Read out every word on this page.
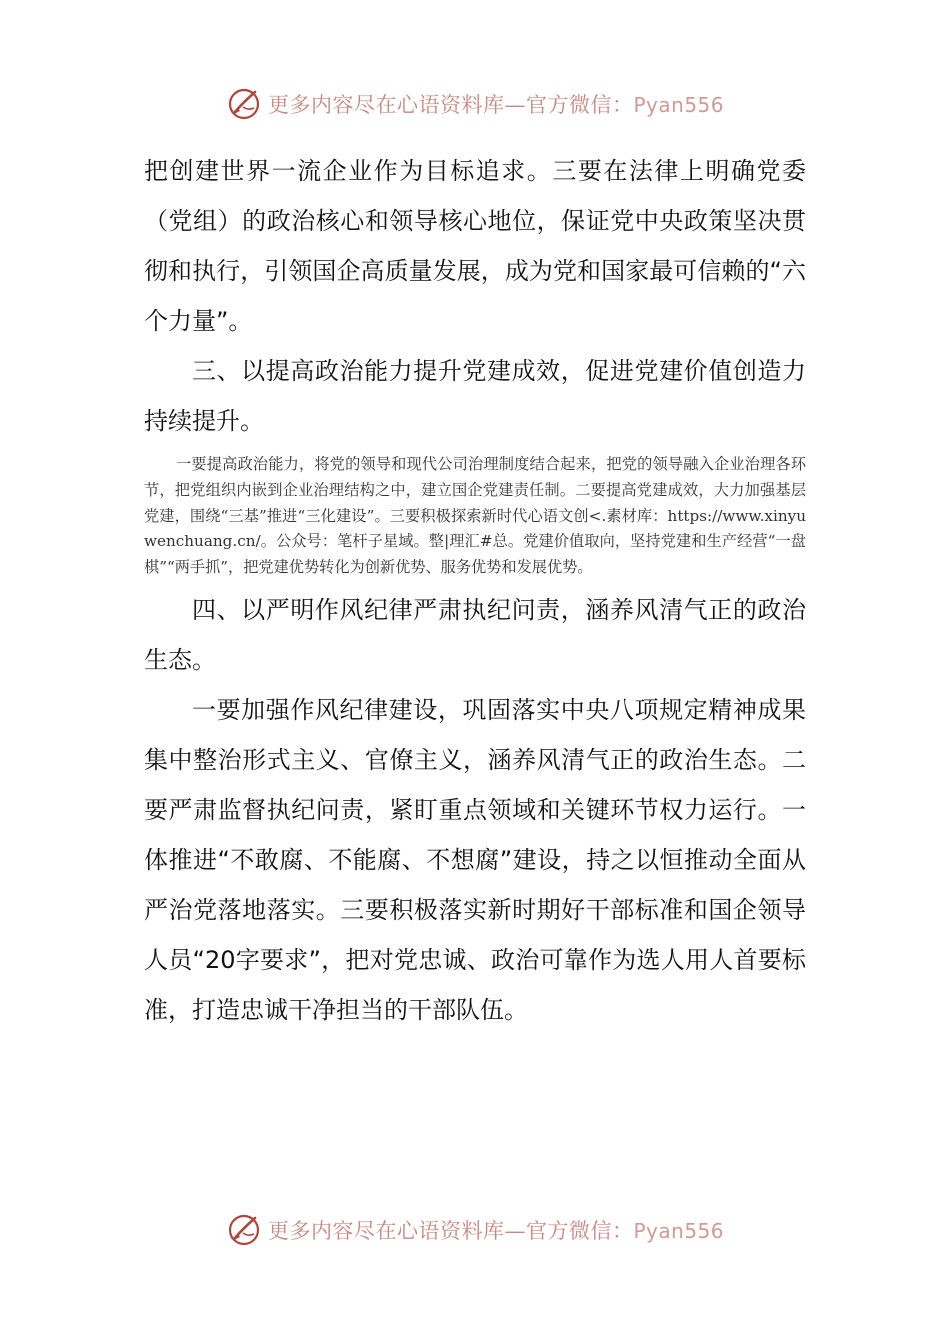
更多内容尽在心语资料库—官方微信：Pyan556

把创建世界一流企业作为目标追求。三要在法律上明确党委（党组）的政治核心和领导核心地位，保证党中央政策坚决贯彻和执行，引领国企高质量发展，成为党和国家最可信赖的“六个力量”。

三、以提高政治能力提升党建成效，促进党建价值创造力持续提升。

一要提高政治能力，将党的领导和现代公司治理制度结合起来，把党的领导融入企业治理各环节，把党组织内嵌到企业治理结构之中，建立国企党建责任制。二要提高党建成效，大力加强基层党建，围绕“三基”推进“三化建设”。三要积极探索新时代心语文创<.素材库：https://www.xinyuwenchuang.cn/。公众号：笔杆子星域。整|理汇#总。党建价值取向，坚持党建和生产经营“一盘棋”“两手抓”，把党建优势转化为创新优势、服务优势和发展优势。

四、以严明作风纪律严肃执纪问责，涵养风清气正的政治生态。

一要加强作风纪律建设，巩固落实中央八项规定精神成果集中整治形式主义、官僚主义，涵养风清气正的政治生态。二要严肃监督执纪问责，紧盯重点领域和关键环节权力运行。一体推进“不敢腐、不能腐、不想腐”建设，持之以恒推动全面从严治党落地落实。三要积极落实新时期好干部标准和国企领导人员“20字要求”，把对党忠诚、政治可靠作为选人用人首要标准，打造忠诚干净担当的干部队伍。

更多内容尽在心语资料库—官方微信：Pyan556
